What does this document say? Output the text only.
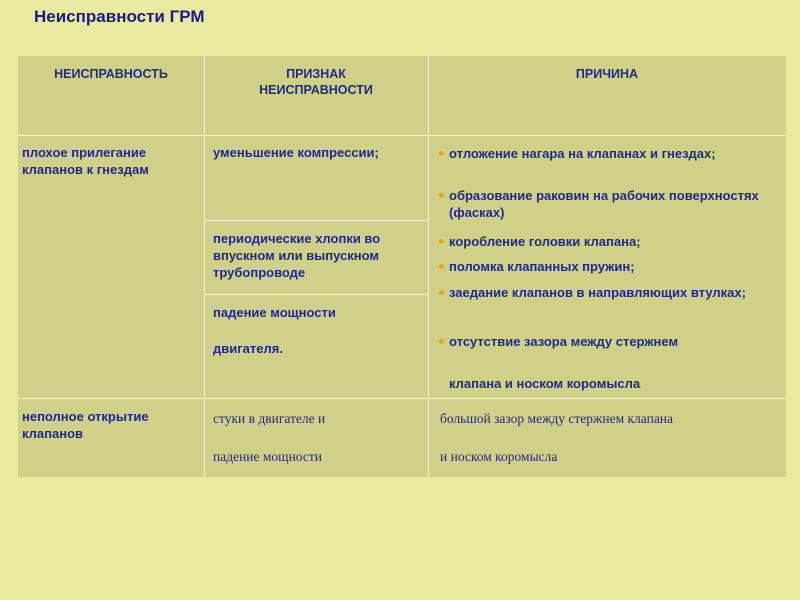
Неисправности ГРМ
НЕИСПРАВНОСТЬ	ПРИЗНАК
НЕИСПРАВНОСТИ
ПРИЧИНА
плохое прилегание клапанов к гнездам
уменьшение компрессии;
периодические хлопки во впускном или выпускном трубопроводе
падение мощности
двигателя.
отложение нагара на клапанах и гнездах;
образование раковин на рабочих поверхностях (фасках)
коробление головки клапана;
поломка клапанных пружин;
заедание клапанов в направляющих втулках;
отсутствие зазора между стержнем
клапана и носком коромысла
неполное открытие клапанов
стуки в двигателе и
падение мощности
большой зазор между стержнем клапана
и носком коромысла
